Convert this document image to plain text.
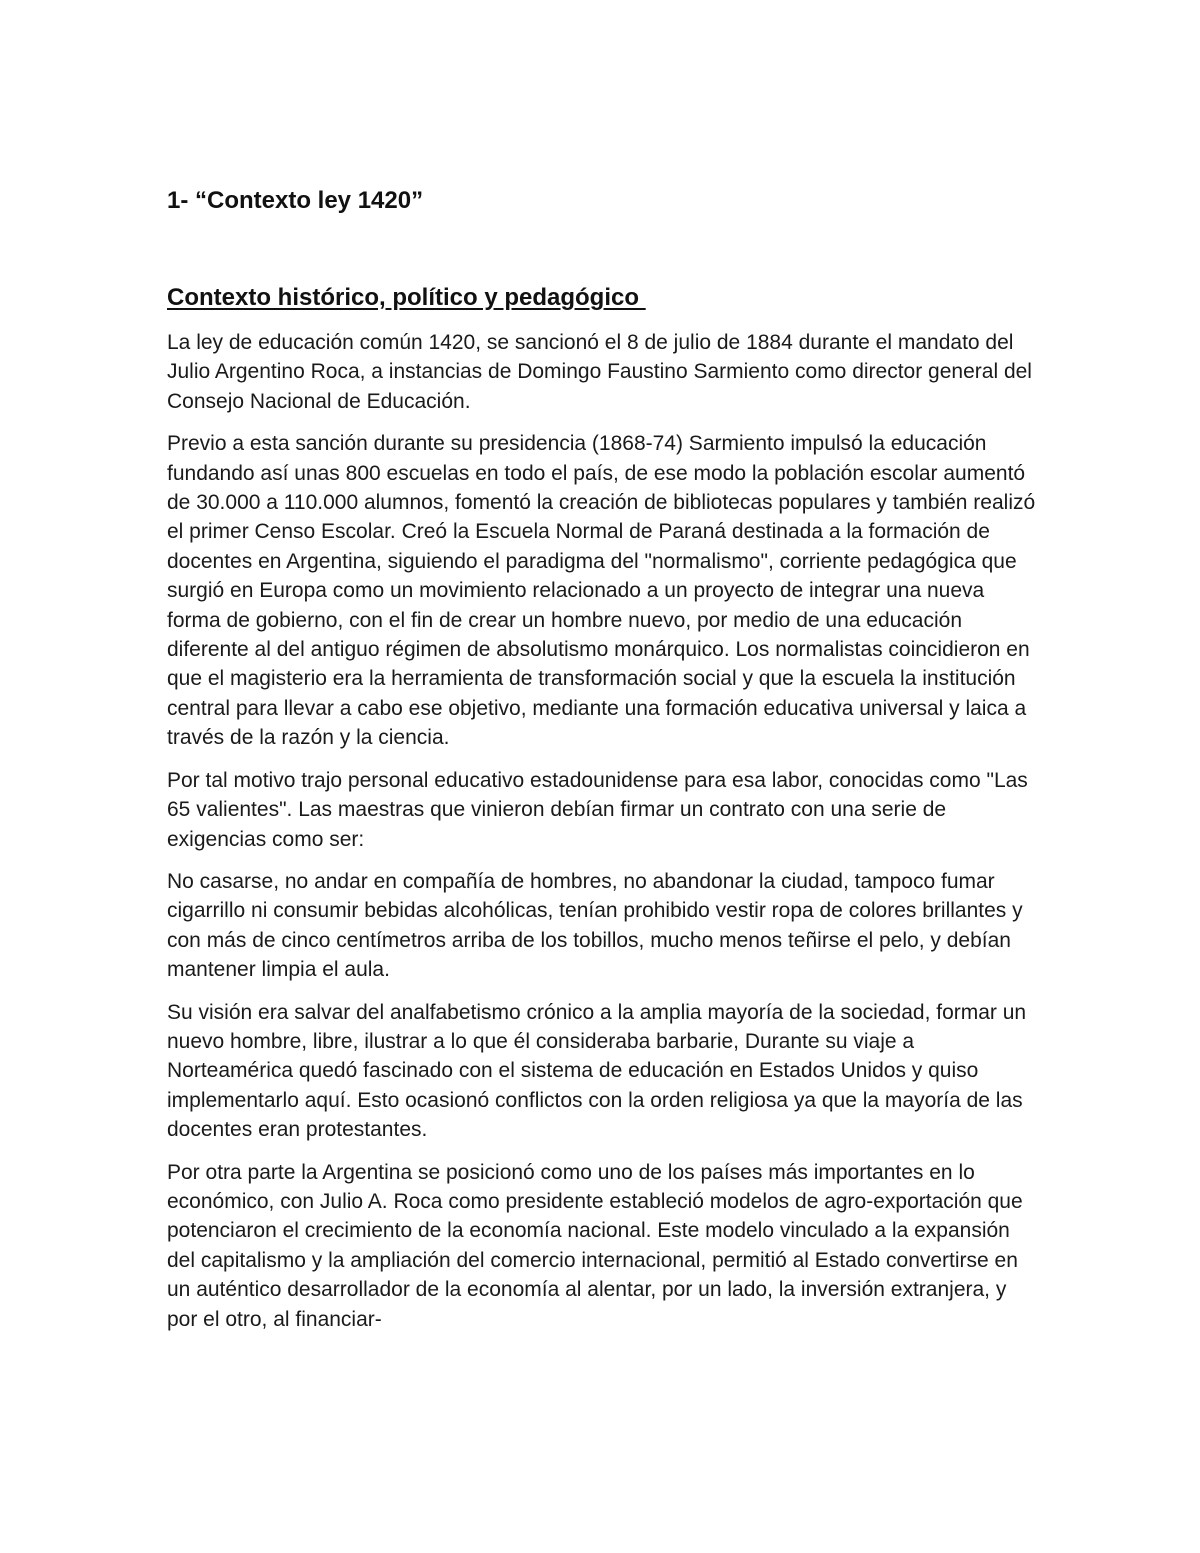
1- “Contexto ley 1420”
Contexto histórico, político y pedagógico

La ley de educación común 1420, se sancionó el 8 de julio de 1884 durante el mandato del Julio Argentino Roca, a instancias de Domingo Faustino Sarmiento como director general del Consejo Nacional de Educación.

Previo a esta sanción durante su presidencia (1868-74) Sarmiento impulsó la educación fundando así unas 800 escuelas en todo el país, de ese modo la población escolar aumentó de 30.000 a 110.000 alumnos, fomentó la creación de bibliotecas populares y también realizó el primer Censo Escolar. Creó la Escuela Normal de Paraná destinada a la formación de docentes en Argentina, siguiendo el paradigma del "normalismo", corriente pedagógica que surgió en Europa como un movimiento relacionado a un proyecto de integrar una nueva forma de gobierno, con el fin de crear un hombre nuevo, por medio de una educación diferente al del antiguo régimen de absolutismo monárquico. Los normalistas coincidieron en que el magisterio era la herramienta de transformación social y que la escuela la institución central para llevar a cabo ese objetivo, mediante una formación educativa universal y laica a través de la razón y la ciencia.

Por tal motivo trajo personal educativo estadounidense para esa labor, conocidas como "Las 65 valientes". Las maestras que vinieron debían firmar un contrato con una serie de exigencias como ser:

No casarse, no andar en compañía de hombres, no abandonar la ciudad, tampoco fumar cigarrillo ni consumir bebidas alcohólicas, tenían prohibido vestir ropa de colores brillantes y con más de cinco centímetros arriba de los tobillos, mucho menos teñirse el pelo, y debían mantener limpia el aula.

Su visión era salvar del analfabetismo crónico a la amplia mayoría de la sociedad, formar un nuevo hombre, libre, ilustrar a lo que él consideraba barbarie, Durante su viaje a Norteamérica quedó fascinado con el sistema de educación en Estados Unidos y quiso implementarlo aquí. Esto ocasionó conflictos con la orden religiosa ya que la mayoría de las docentes eran protestantes.

Por otra parte la Argentina se posicionó como uno de los países más importantes en lo económico, con Julio A. Roca como presidente estableció modelos de agro-exportación que potenciaron el crecimiento de la economía nacional. Este modelo vinculado a la expansión del capitalismo y la ampliación del comercio internacional, permitió al Estado convertirse en un auténtico desarrollador de la economía al alentar, por un lado, la inversión extranjera, y por el otro, al financiar-
